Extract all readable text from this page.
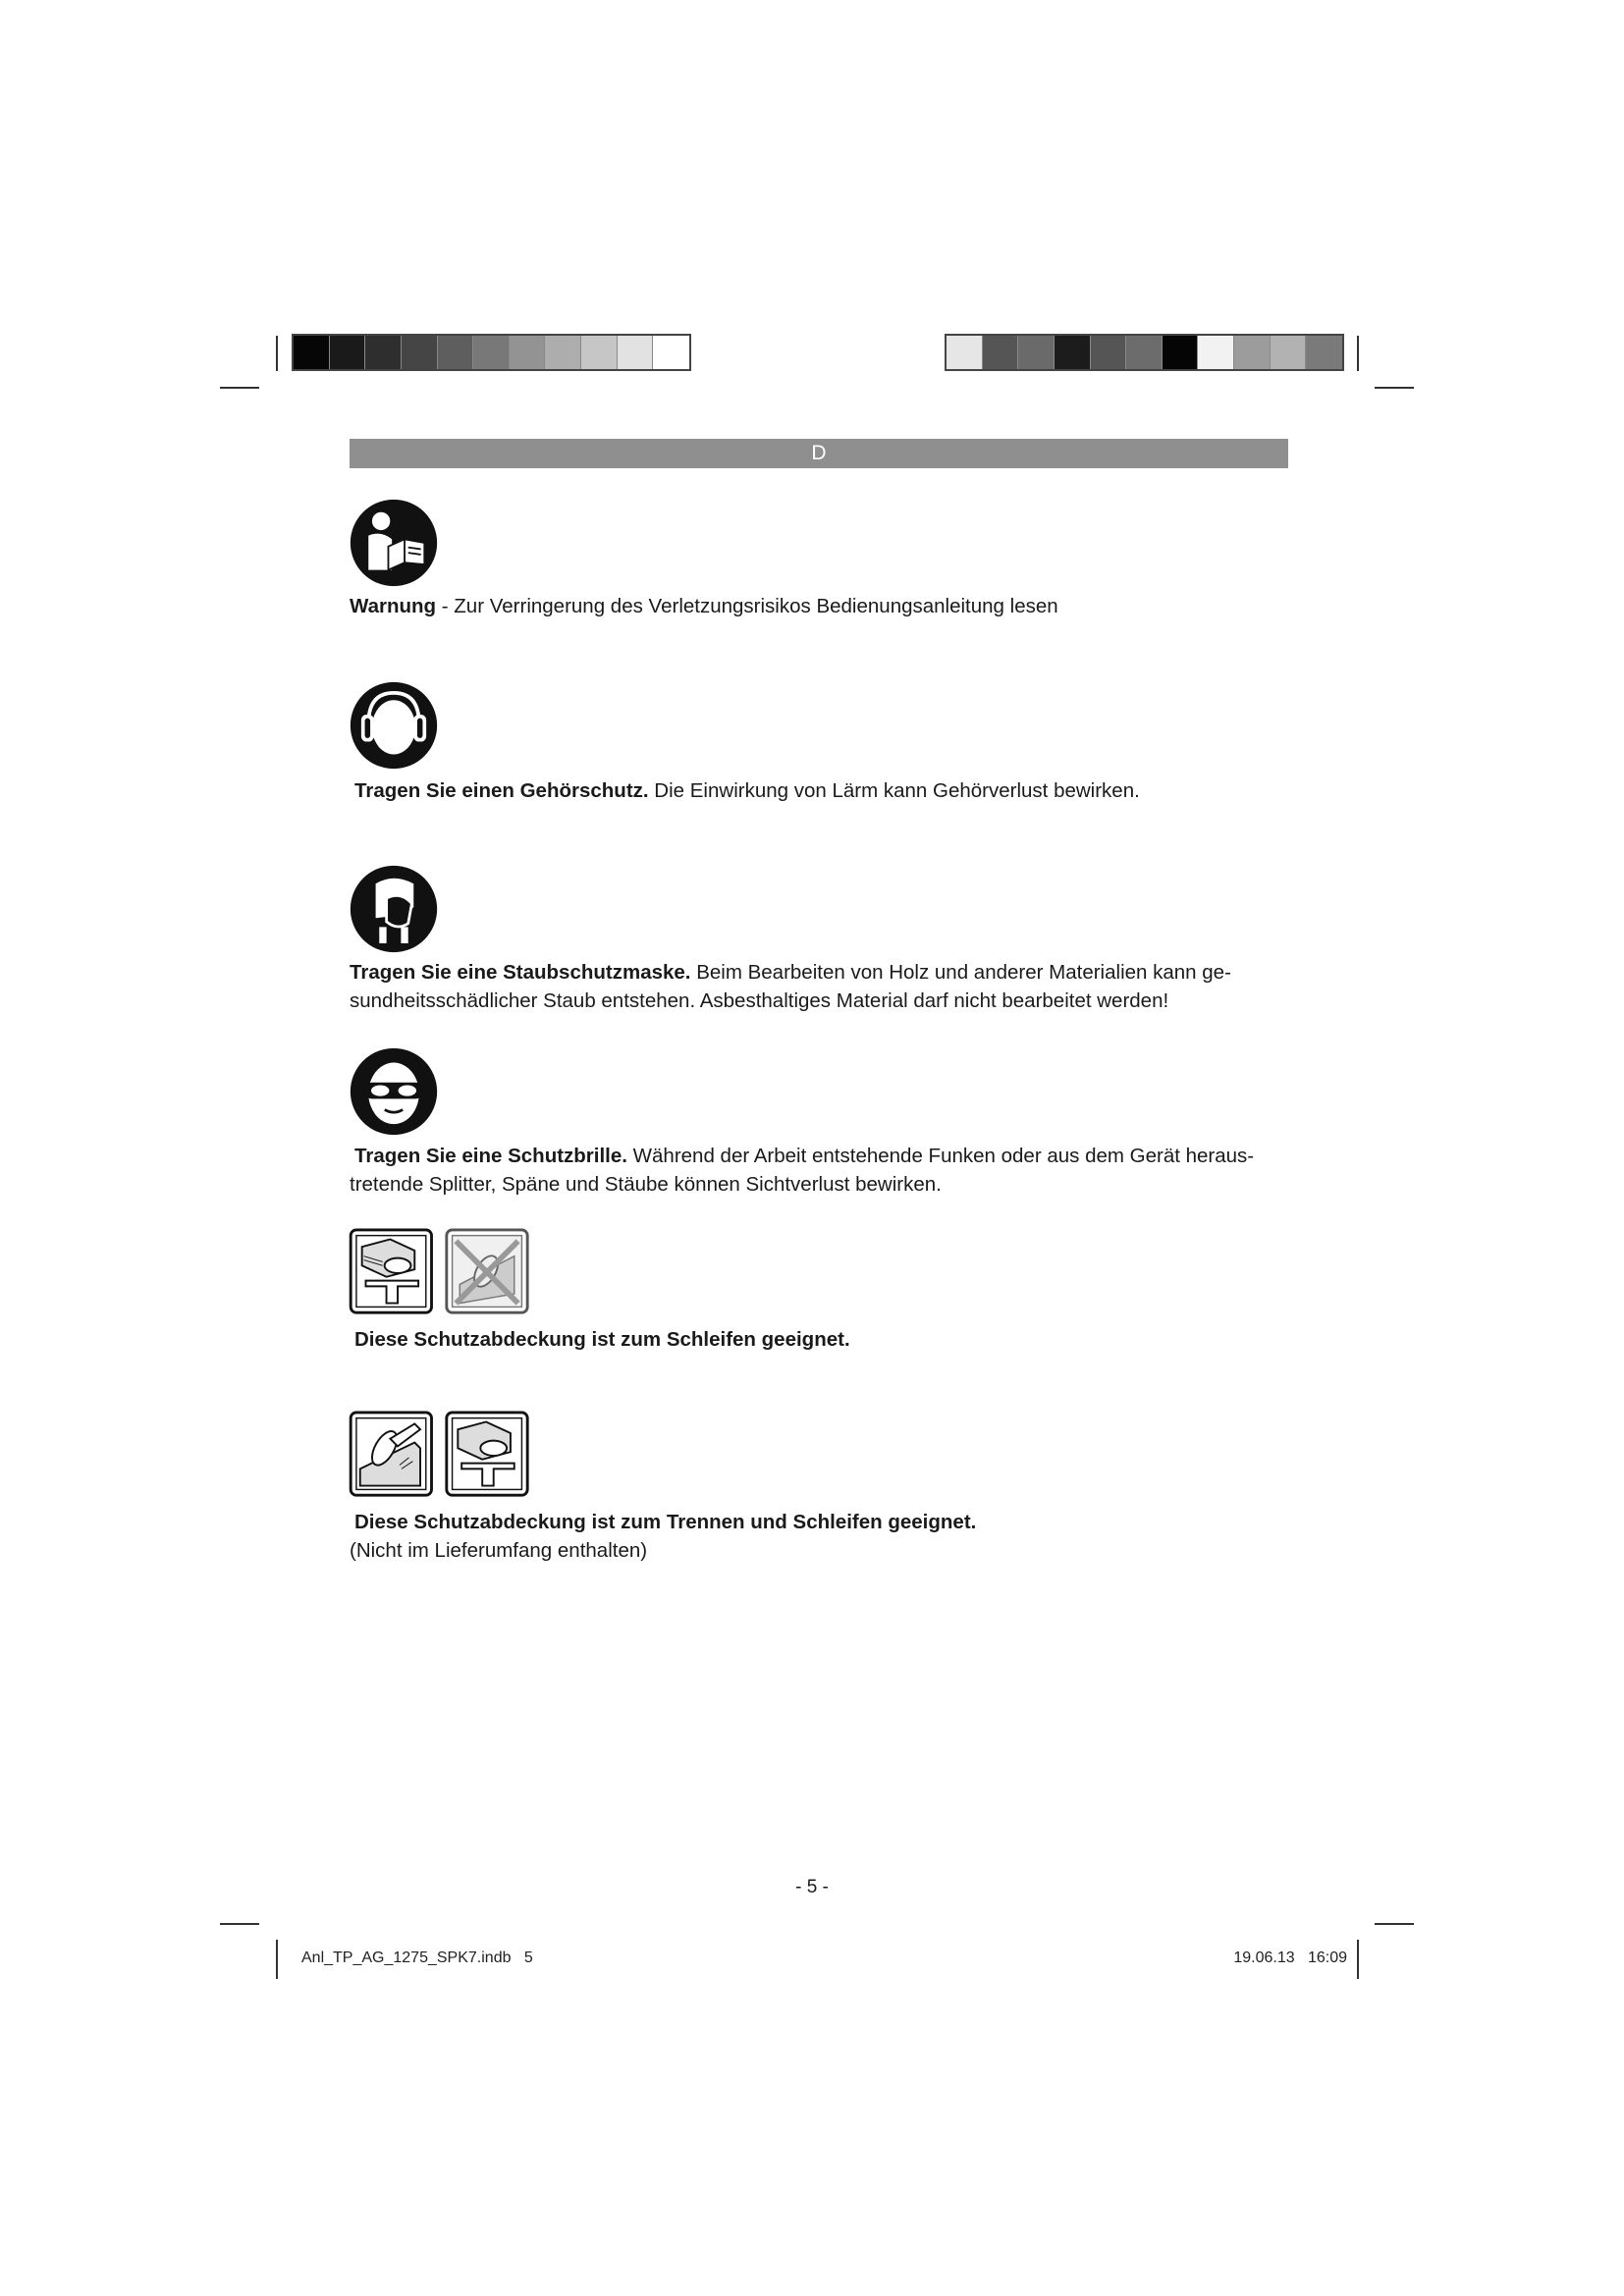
D
Warnung - Zur Verringerung des Verletzungsrisikos Bedienungsanleitung lesen
Tragen Sie einen Gehörschutz. Die Einwirkung von Lärm kann Gehörverlust bewirken.
Tragen Sie eine Staubschutzmaske. Beim Bearbeiten von Holz und anderer Materialien kann ge-
sundheitsschädlicher Staub entstehen. Asbesthaltiges Material darf nicht bearbeitet werden!
Tragen Sie eine Schutzbrille. Während der Arbeit entstehende Funken oder aus dem Gerät heraus-
tretende Splitter, Späne und Stäube können Sichtverlust bewirken.
Diese Schutzabdeckung ist zum Schleifen geeignet.
Diese Schutzabdeckung ist zum Trennen und Schleifen geeignet.
(Nicht im Lieferumfang enthalten)
- 5 -
Anl_TP_AG_1275_SPK7.indb   5	19.06.13   16:09
